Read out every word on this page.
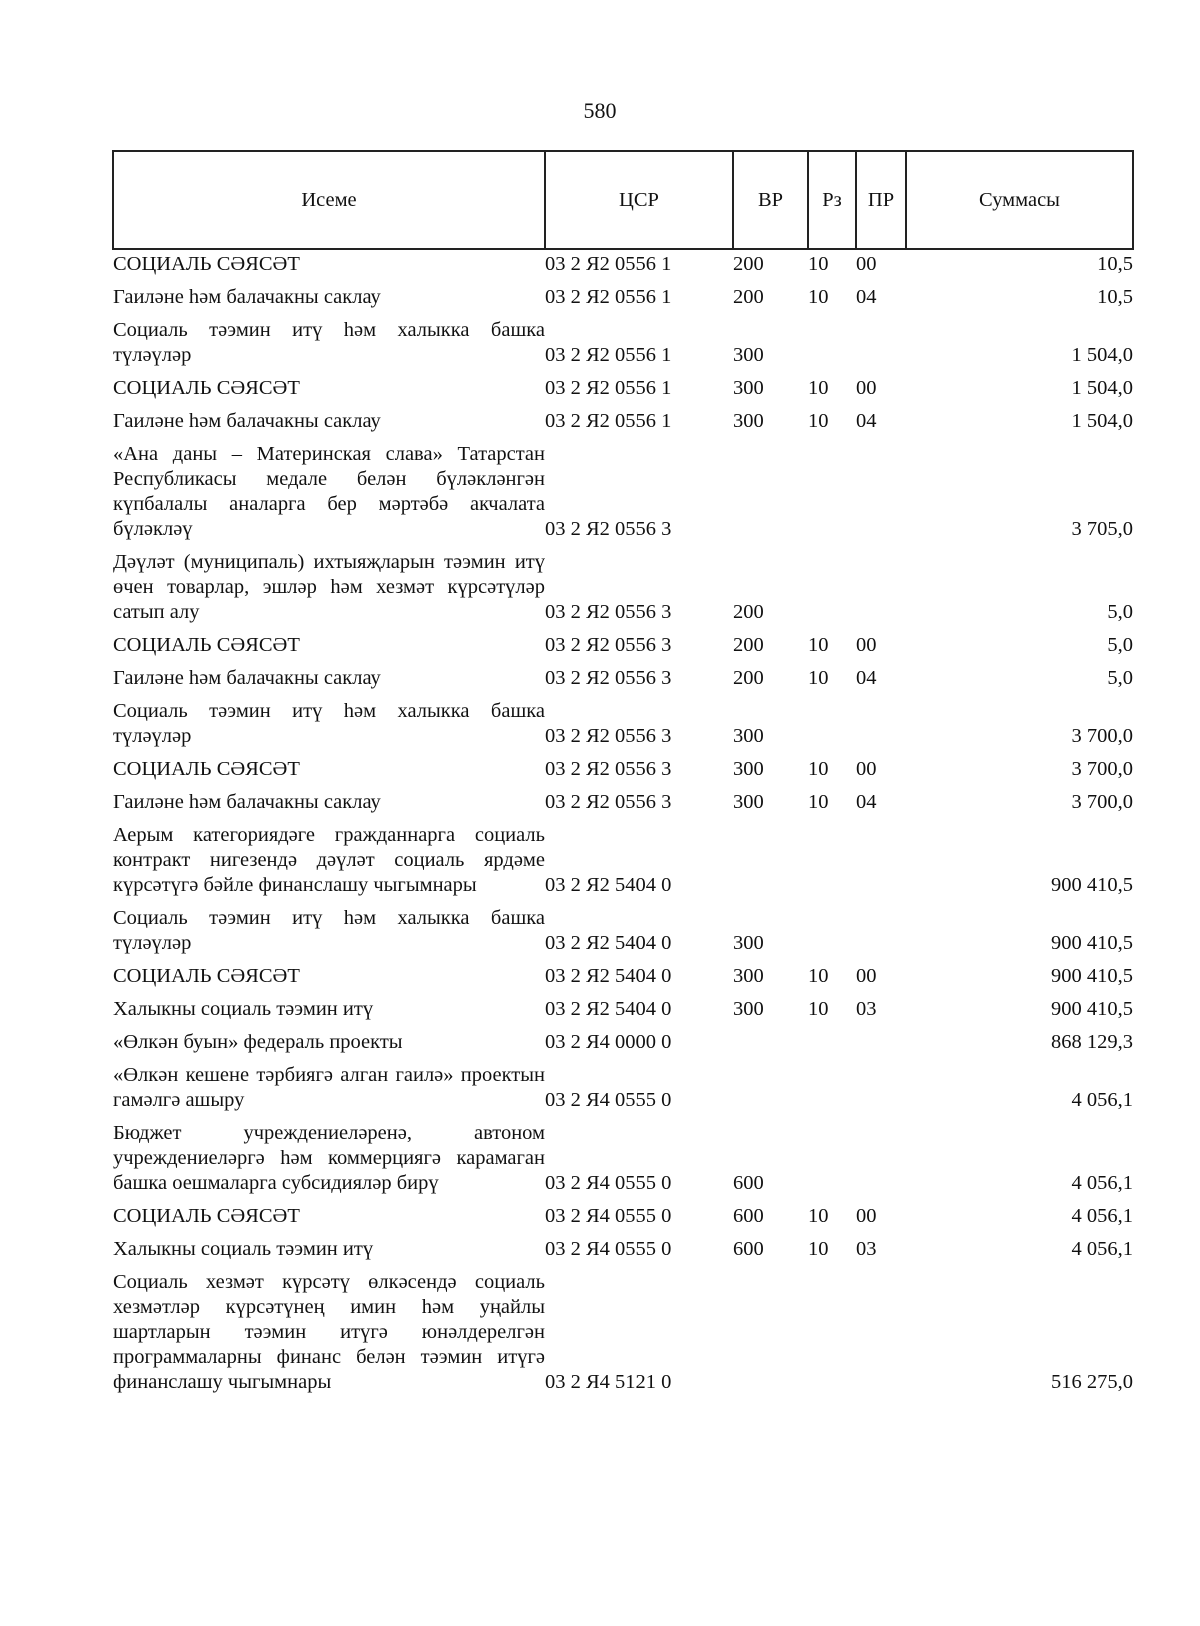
580
Исеме	ЦСР	ВР	Рз	ПР	Суммасы
СОЦИАЛЬ СӘЯСӘТ	03 2 Я2 0556 1	200	10	00	10,5
Гаиләне һәм балачакны саклау	03 2 Я2 0556 1	200	10	04	10,5
Социаль тәэмин итү һәм халыкка башка түләүләр	03 2 Я2 0556 1	300			1 504,0
СОЦИАЛЬ СӘЯСӘТ	03 2 Я2 0556 1	300	10	00	1 504,0
Гаиләне һәм балачакны саклау	03 2 Я2 0556 1	300	10	04	1 504,0
«Ана даны – Материнская слава» Татарстан Республикасы медале белән бүләкләнгән күпбалалы аналарга бер мәртәбә акчалата бүләкләү	03 2 Я2 0556 3				3 705,0
Дәүләт (муниципаль) ихтыяҗларын тәэмин итү өчен товарлар, эшләр һәм хезмәт күрсәтүләр сатып алу	03 2 Я2 0556 3	200			5,0
СОЦИАЛЬ СӘЯСӘТ	03 2 Я2 0556 3	200	10	00	5,0
Гаиләне һәм балачакны саклау	03 2 Я2 0556 3	200	10	04	5,0
Социаль тәэмин итү һәм халыкка башка түләүләр	03 2 Я2 0556 3	300			3 700,0
СОЦИАЛЬ СӘЯСӘТ	03 2 Я2 0556 3	300	10	00	3 700,0
Гаиләне һәм балачакны саклау	03 2 Я2 0556 3	300	10	04	3 700,0
Аерым категориядәге гражданнарга социаль контракт нигезендә дәүләт социаль ярдәме күрсәтүгә бәйле финанслашу чыгымнары	03 2 Я2 5404 0				900 410,5
Социаль тәэмин итү һәм халыкка башка түләүләр	03 2 Я2 5404 0	300			900 410,5
СОЦИАЛЬ СӘЯСӘТ	03 2 Я2 5404 0	300	10	00	900 410,5
Халыкны социаль тәэмин итү	03 2 Я2 5404 0	300	10	03	900 410,5
«Өлкән буын» федераль проекты	03 2 Я4 0000 0				868 129,3
«Өлкән кешене тәрбиягә алган гаилә» проектын гамәлгә ашыру	03 2 Я4 0555 0				4 056,1
Бюджет учреждениеләренә, автоном учреждениеләргә һәм коммерциягә карамаган башка оешмаларга субсидияләр бирү	03 2 Я4 0555 0	600			4 056,1
СОЦИАЛЬ СӘЯСӘТ	03 2 Я4 0555 0	600	10	00	4 056,1
Халыкны социаль тәэмин итү	03 2 Я4 0555 0	600	10	03	4 056,1
Социаль хезмәт күрсәтү өлкәсендә социаль хезмәтләр күрсәтүнең имин һәм уңайлы шартларын тәэмин итүгә юнәлдерелгән программаларны финанс белән тәэмин итүгә финанслашу чыгымнары	03 2 Я4 5121 0				516 275,0
